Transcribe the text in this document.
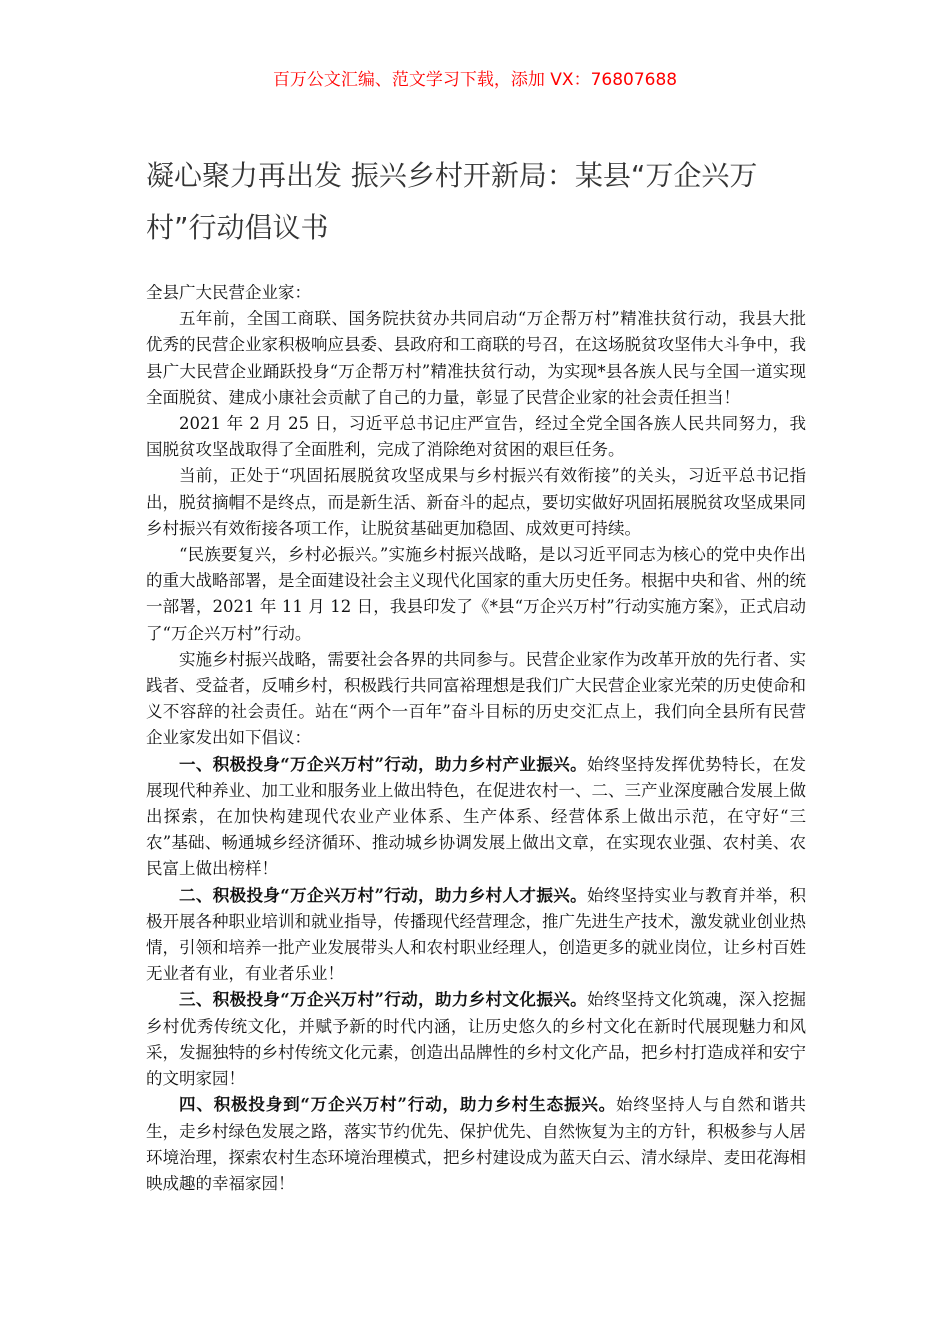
百万公文汇编、范文学习下载，添加 VX：76807688
凝心聚力再出发 振兴乡村开新局：某县“万企兴万村”行动倡议书

全县广大民营企业家：

五年前，全国工商联、国务院扶贫办共同启动“万企帮万村”精准扶贫行动，我县大批优秀的民营企业家积极响应县委、县政府和工商联的号召，在这场脱贫攻坚伟大斗争中，我县广大民营企业踊跃投身“万企帮万村”精准扶贫行动，为实现*县各族人民与全国一道实现全面脱贫、建成小康社会贡献了自己的力量，彰显了民营企业家的社会责任担当！

2021 年 2 月 25 日，习近平总书记庄严宣告，经过全党全国各族人民共同努力，我国脱贫攻坚战取得了全面胜利，完成了消除绝对贫困的艰巨任务。

当前，正处于“巩固拓展脱贫攻坚成果与乡村振兴有效衔接”的关头，习近平总书记指出，脱贫摘帽不是终点，而是新生活、新奋斗的起点，要切实做好巩固拓展脱贫攻坚成果同乡村振兴有效衔接各项工作，让脱贫基础更加稳固、成效更可持续。

“民族要复兴，乡村必振兴。”实施乡村振兴战略，是以习近平同志为核心的党中央作出的重大战略部署，是全面建设社会主义现代化国家的重大历史任务。根据中央和省、州的统一部署，2021 年 11 月 12 日，我县印发了《*县“万企兴万村”行动实施方案》，正式启动了“万企兴万村”行动。

实施乡村振兴战略，需要社会各界的共同参与。民营企业家作为改革开放的先行者、实践者、受益者，反哺乡村，积极践行共同富裕理想是我们广大民营企业家光荣的历史使命和义不容辞的社会责任。站在“两个一百年”奋斗目标的历史交汇点上，我们向全县所有民营企业家发出如下倡议：

一、积极投身“万企兴万村”行动，助力乡村产业振兴。始终坚持发挥优势特长，在发展现代种养业、加工业和服务业上做出特色，在促进农村一、二、三产业深度融合发展上做出探索，在加快构建现代农业产业体系、生产体系、经营体系上做出示范，在守好“三农”基础、畅通城乡经济循环、推动城乡协调发展上做出文章，在实现农业强、农村美、农民富上做出榜样！

二、积极投身“万企兴万村”行动，助力乡村人才振兴。始终坚持实业与教育并举，积极开展各种职业培训和就业指导，传播现代经营理念，推广先进生产技术，激发就业创业热情，引领和培养一批产业发展带头人和农村职业经理人，创造更多的就业岗位，让乡村百姓无业者有业，有业者乐业！

三、积极投身“万企兴万村”行动，助力乡村文化振兴。始终坚持文化筑魂，深入挖掘乡村优秀传统文化，并赋予新的时代内涵，让历史悠久的乡村文化在新时代展现魅力和风采，发掘独特的乡村传统文化元素，创造出品牌性的乡村文化产品，把乡村打造成祥和安宁的文明家园！

四、积极投身到“万企兴万村”行动，助力乡村生态振兴。始终坚持人与自然和谐共生，走乡村绿色发展之路，落实节约优先、保护优先、自然恢复为主的方针，积极参与人居环境治理，探索农村生态环境治理模式，把乡村建设成为蓝天白云、清水绿岸、麦田花海相映成趣的幸福家园！
